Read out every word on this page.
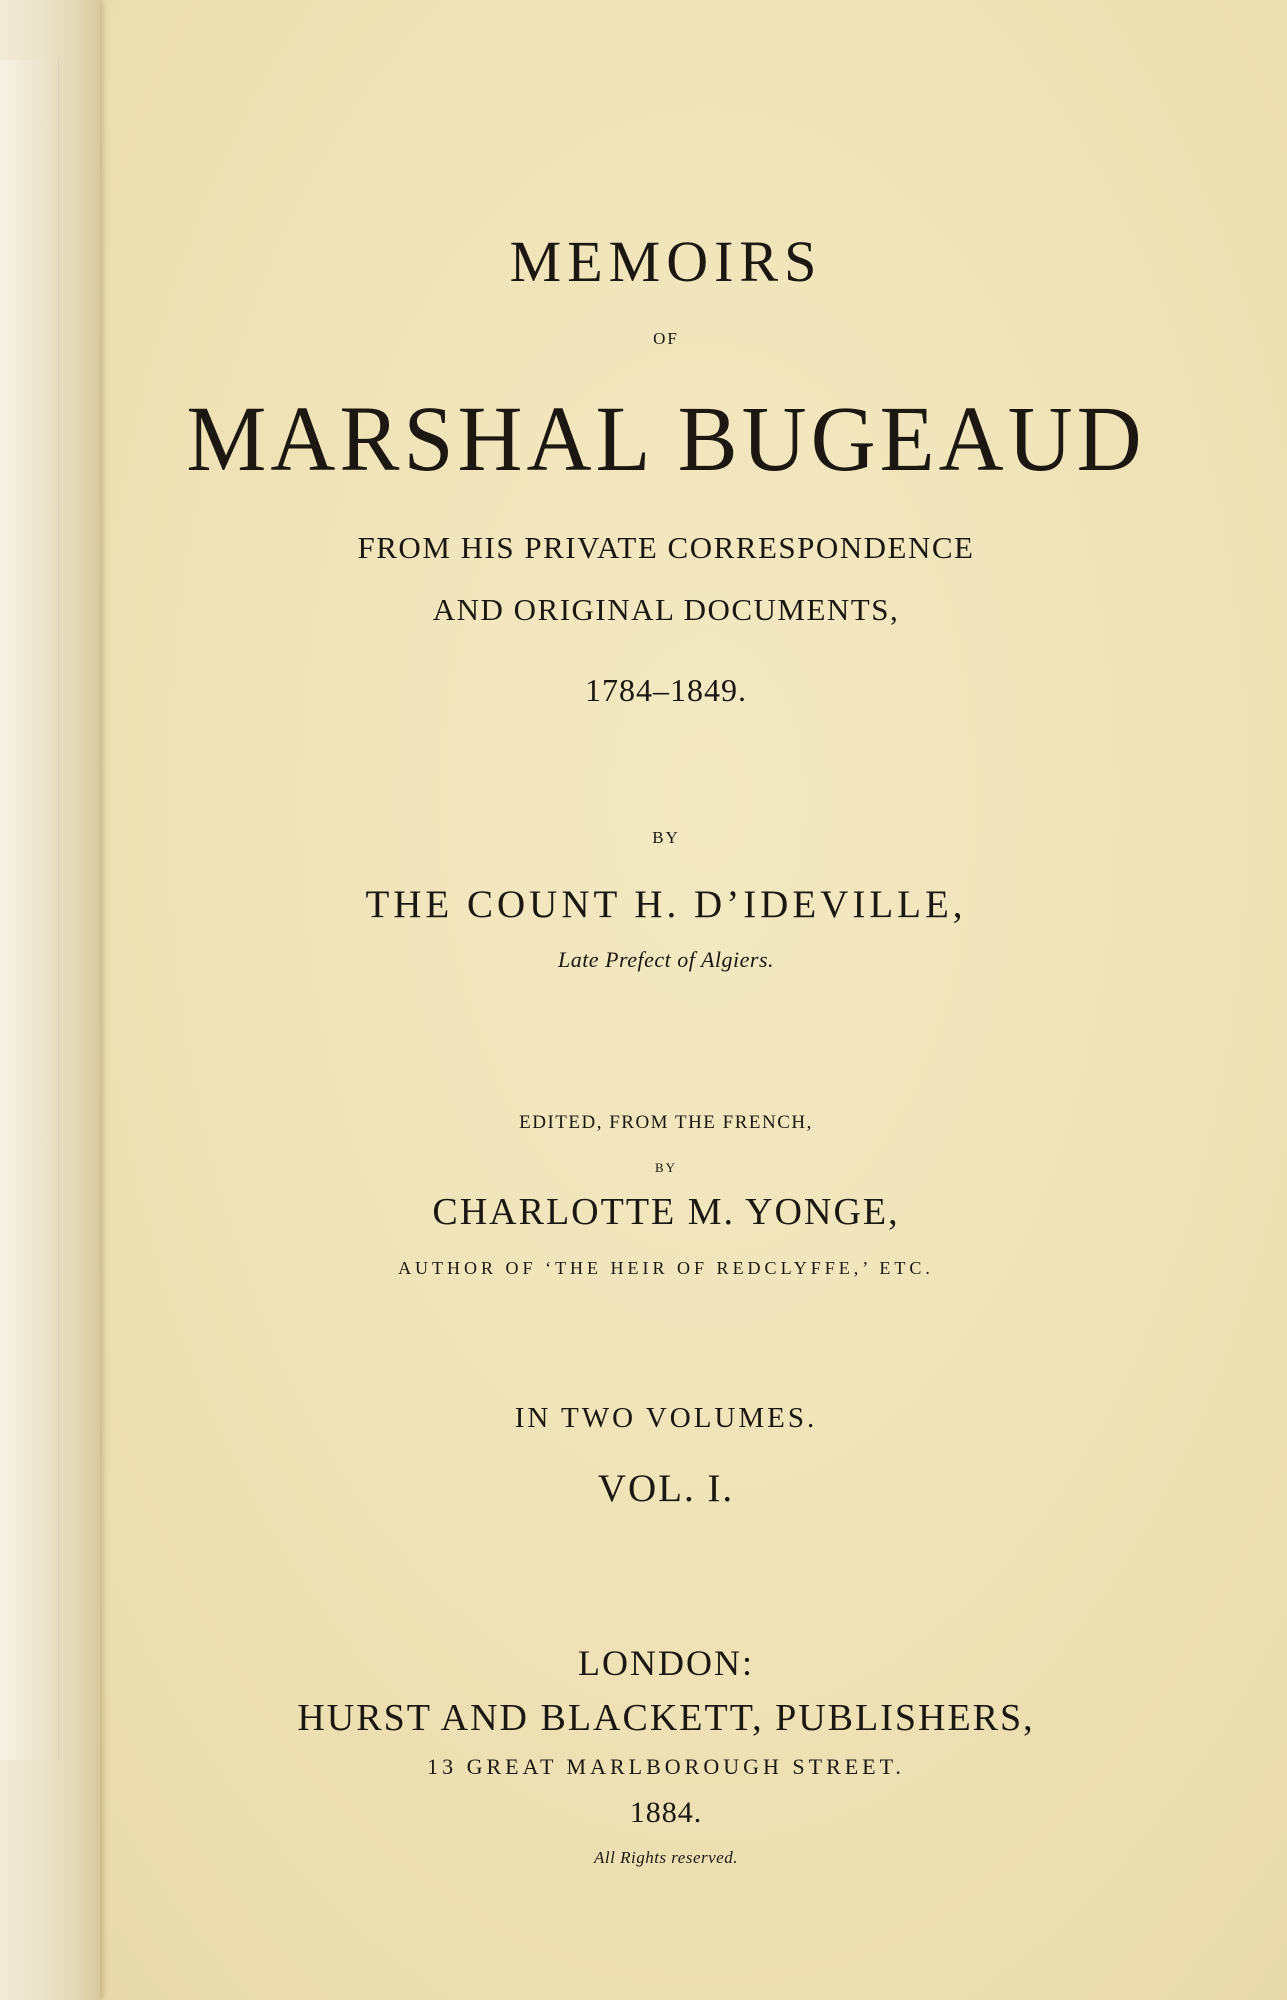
MEMOIRS
OF
MARSHAL BUGEAUD
FROM HIS PRIVATE CORRESPONDENCE
AND ORIGINAL DOCUMENTS,
1784–1849.
BY
THE COUNT H. D’IDEVILLE,
Late Prefect of Algiers.
EDITED, FROM THE FRENCH,
BY
CHARLOTTE M. YONGE,
AUTHOR OF ‘THE HEIR OF REDCLYFFE,’ ETC.
IN TWO VOLUMES.
VOL. I.
LONDON:
HURST AND BLACKETT, PUBLISHERS,
13 GREAT MARLBOROUGH STREET.
1884.
All Rights reserved.
